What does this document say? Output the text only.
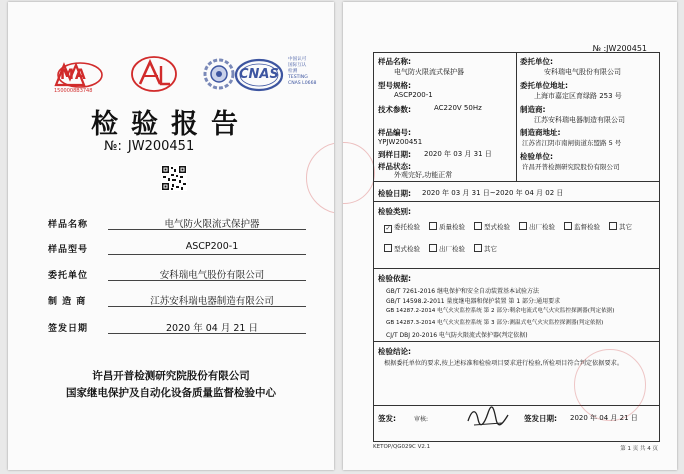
MA
1500008B3748
CNAS
中国认可
国际互认
检测
TESTING
CNAS L0668
检验报告
№: JW200451
样品名称	电气防火限流式保护器
样品型号	ASCP200-1
委托单位	安科瑞电气股份有限公司
制 造 商	江苏安科瑞电器制造有限公司
签发日期	2020 年 04 月 21 日
许昌开普检测研究院股份有限公司
国家继电保护及自动化设备质量监督检验中心
№ :JW200451
样品名称:
电气防火限流式保护器
型号规格:
ASCP200-1
技术参数:	AC220V 50Hz
样品编号:
YPJW200451
到样日期: 2020 年 03 月 31 日
样品状态:
外观完好,功能正常
委托单位:
安科瑞电气股份有限公司
委托单位地址:
上海市嘉定区育绿路 253 号
制造商:
江苏安科瑞电器制造有限公司
制造商地址:
江苏省江阴市南闸街道东盟路 5 号
检验单位:
许昌开普检测研究院股份有限公司
检验日期: 2020 年 03 月 31 日~2020 年 04 月 02 日
检验类别:
✓ 委托检验	质量检验	型式检验	出厂检验	监督检验	其它
型式检验	出厂检验	其它
检验依据:
GB/T 7261-2016 继电保护和安全自动装置基本试验方法
GB/T 14598.2-2011 量度继电器和保护装置 第 1 部分:通用要求
GB 14287.2-2014 电气火灾监控系统 第 2 部分:剩余电流式电气火灾监控探测器(判定依据)
GB 14287.3-2014 电气火灾监控系统 第 3 部分:测温式电气火灾监控探测器(判定依据)
CJ/T DBJ 20-2016 电气防火限流式保护器(判定依据)
检验结论:
根据委托单位的要求,按上述标准和检验项目要求进行检验,所检项目符合判定依据要求。
签发:	审核:	签发日期: 2020 年 04 月 21 日
KETOP/QG029C V2.1	第 1 页 共 4 页
